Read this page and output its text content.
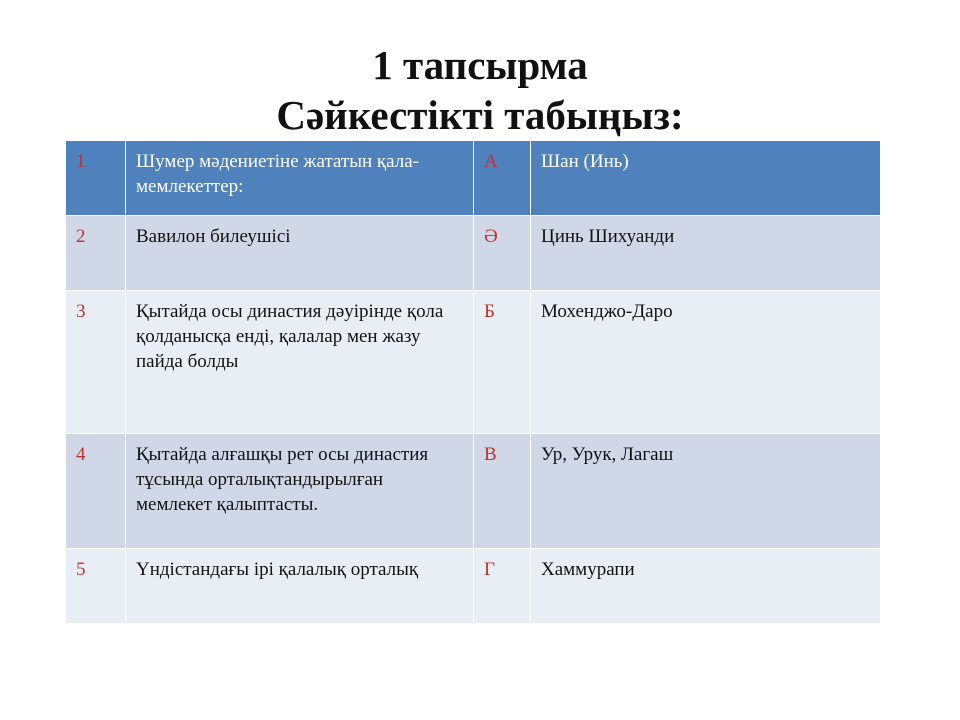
1 тапсырма
Сәйкестікті табыңыз:
1	Шумер мәдениетіне жататын қала-мемлекеттер:	А	Шан (Инь)
2	Вавилон билеушісі	Ә	Цинь Шихуанди
3	Қытайда осы династия дәуірінде қола қолданысқа енді, қалалар мен жазу пайда болды	Б	Мохенджо-Даро
4	Қытайда алғашқы рет осы династия тұсында орталықтандырылған мемлекет қалыптасты.	В	Ур, Урук, Лагаш
5	Үндістандағы ірі қалалық орталық	Г	Хаммурапи
